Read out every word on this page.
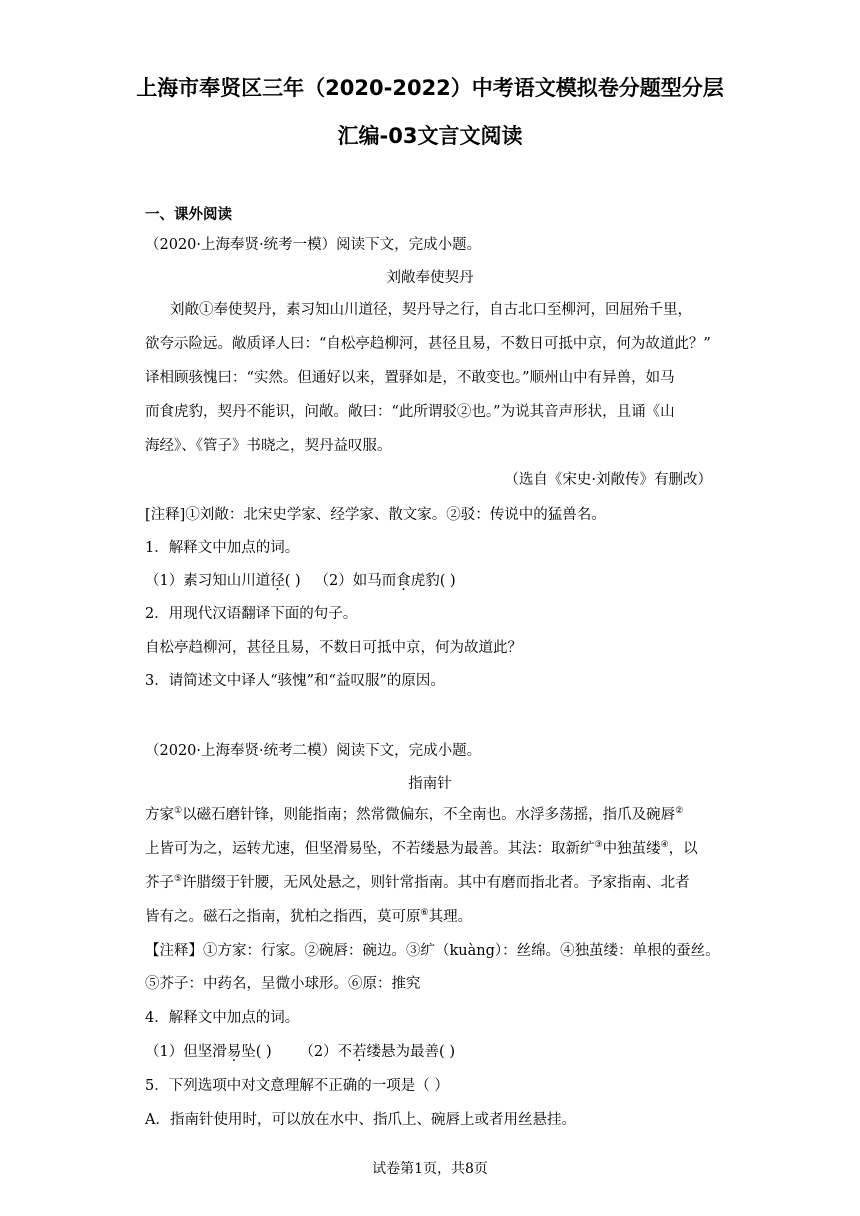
上海市奉贤区三年（2020-2022）中考语文模拟卷分题型分层
汇编-03文言文阅读
一、课外阅读
（2020·上海奉贤·统考一模）阅读下文，完成小题。
刘敞奉使契丹
刘敞①奉使契丹，素习知山川道径，契丹导之行，自古北口至柳河，回屈殆千里，
欲夸示险远。敞质译人曰：“自松亭趋柳河，甚径且易，不数日可抵中京，何为故道此？”
译相顾骇愧曰：“实然。但通好以来，置驿如是，不敢变也。”顺州山中有异兽，如马
而食虎豹，契丹不能识，问敞。敞曰：“此所谓驳②也。”为说其音声形状，且诵《山
海经》、《管子》书晓之，契丹益叹服。
（选自《宋史·刘敞传》有删改）
[注释]①刘敞：北宋史学家、经学家、散文家。②驳：传说中的猛兽名。
1．解释文中加点的词。
（1）素习知山川道径( ) （2）如马而食虎豹( )
2．用现代汉语翻译下面的句子。
自松亭趋柳河，甚径且易，不数日可抵中京，何为故道此？
3．请简述文中译人“骇愧”和“益叹服”的原因。
（2020·上海奉贤·统考二模）阅读下文，完成小题。
指南针
方家①以磁石磨针锋，则能指南；然常微偏东，不全南也。水浮多荡摇，指爪及碗唇②
上皆可为之，运转尤速，但坚滑易坠，不若缕悬为最善。其法：取新纩③中独茧缕④，以
芥子⑤许腊缀于针腰，无风处悬之，则针常指南。其中有磨而指北者。予家指南、北者
皆有之。磁石之指南，犹柏之指西，莫可原⑥其理。
【注释】①方家：行家。②碗唇：碗边。③纩（kuàng）：丝绵。④独茧缕：单根的蚕丝。
⑤芥子：中药名，呈微小球形。⑥原：推究
4．解释文中加点的词。
（1）但坚滑易坠( ) （2）不若缕悬为最善( )
5．下列选项中对文意理解不正确的一项是（ ）
A．指南针使用时，可以放在水中、指爪上、碗唇上或者用丝悬挂。
试卷第1页，共8页
